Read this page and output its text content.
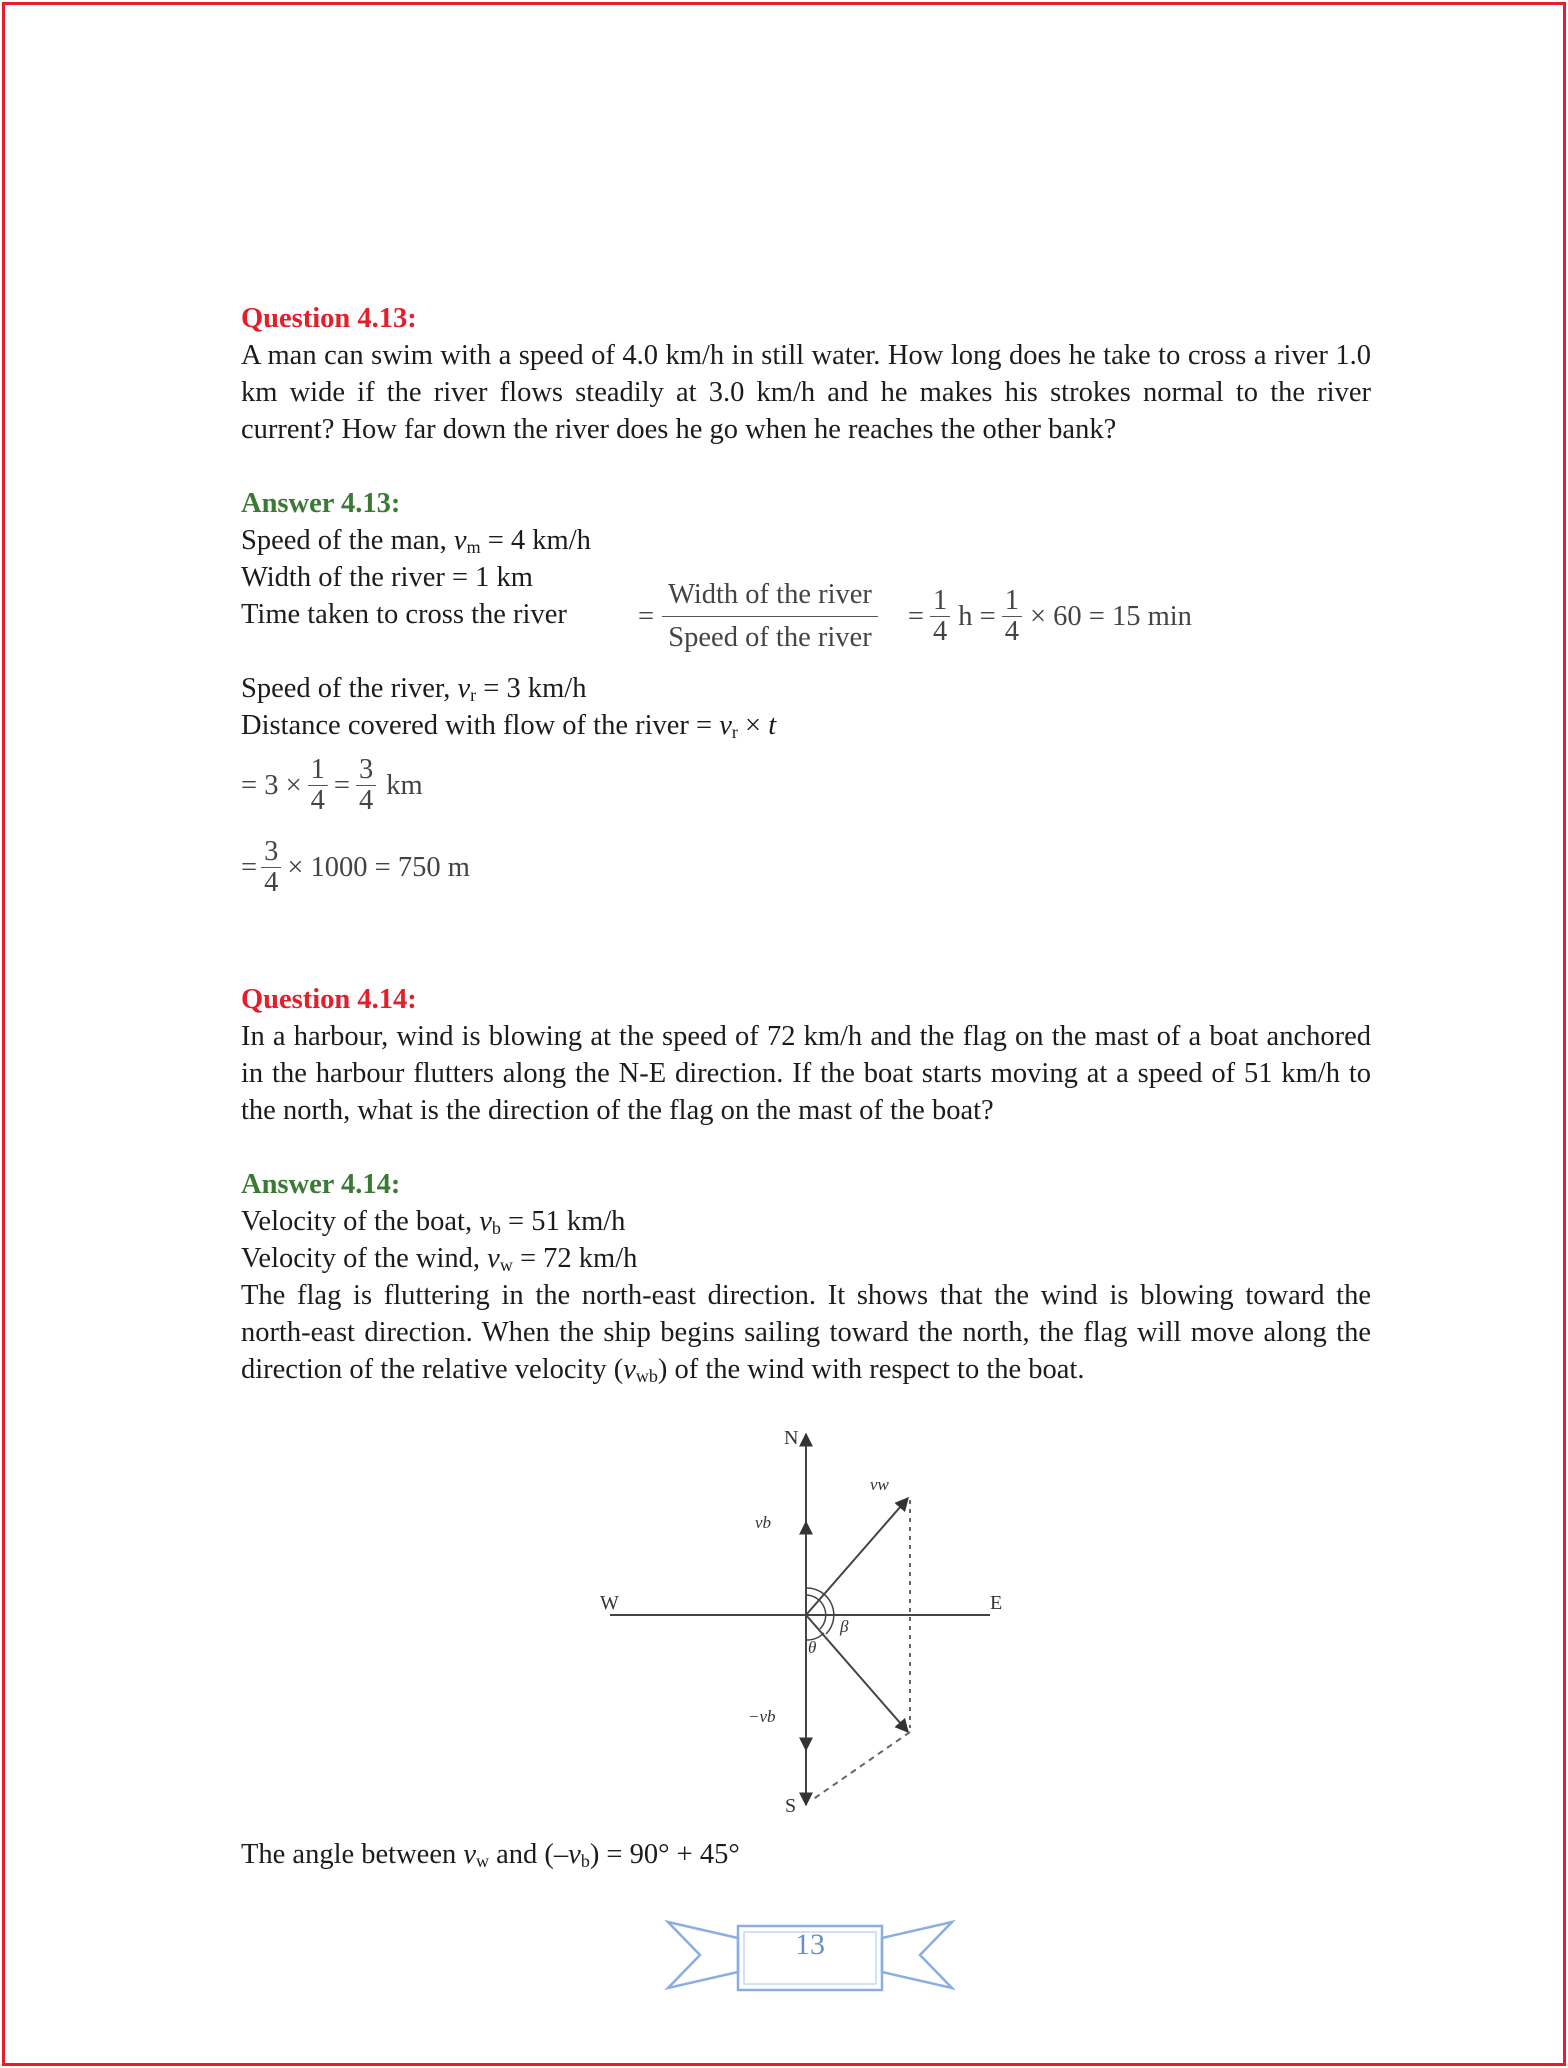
Question 4.13:
A man can swim with a speed of 4.0 km/h in still water. How long does he take to cross a river 1.0 km wide if the river flows steadily at 3.0 km/h and he makes his strokes normal to the river current? How far down the river does he go when he reaches the other bank?
Answer 4.13:
Speed of the man, $v_m = 4$ km/h
Width of the river = 1 km
Time taken to cross the river = $\frac{\text{Width of the river}}{\text{Speed of the river}} = \frac{1}{4}$ $h = \frac{1}{4} \times 60 = 15$ min
Speed of the river, $v_r = 3$ km/h
Distance covered with flow of the river = $v_r \times t$
= $3 \times \frac{1}{4} = \frac{3}{4}$ km
= $\frac{3}{4} \times 1000 = 750$ m
Question 4.14:
In a harbour, wind is blowing at the speed of 72 km/h and the flag on the mast of a boat anchored in the harbour flutters along the N-E direction. If the boat starts moving at a speed of 51 km/h to the north, what is the direction of the flag on the mast of the boat?
Answer 4.14:
Velocity of the boat, $v_b = 51$ km/h
Velocity of the wind, $v_w = 72$ km/h
The flag is fluttering in the north-east direction. It shows that the wind is blowing toward the north-east direction. When the ship begins sailing toward the north, the flag will move along the direction of the relative velocity $(v_{wb})$ of the wind with respect to the boat.
The angle between $v_w$ and $(-v_b) = 90^\circ + 45^\circ$
N
S
E
W
vb
−vb
vw
θ
β
13
